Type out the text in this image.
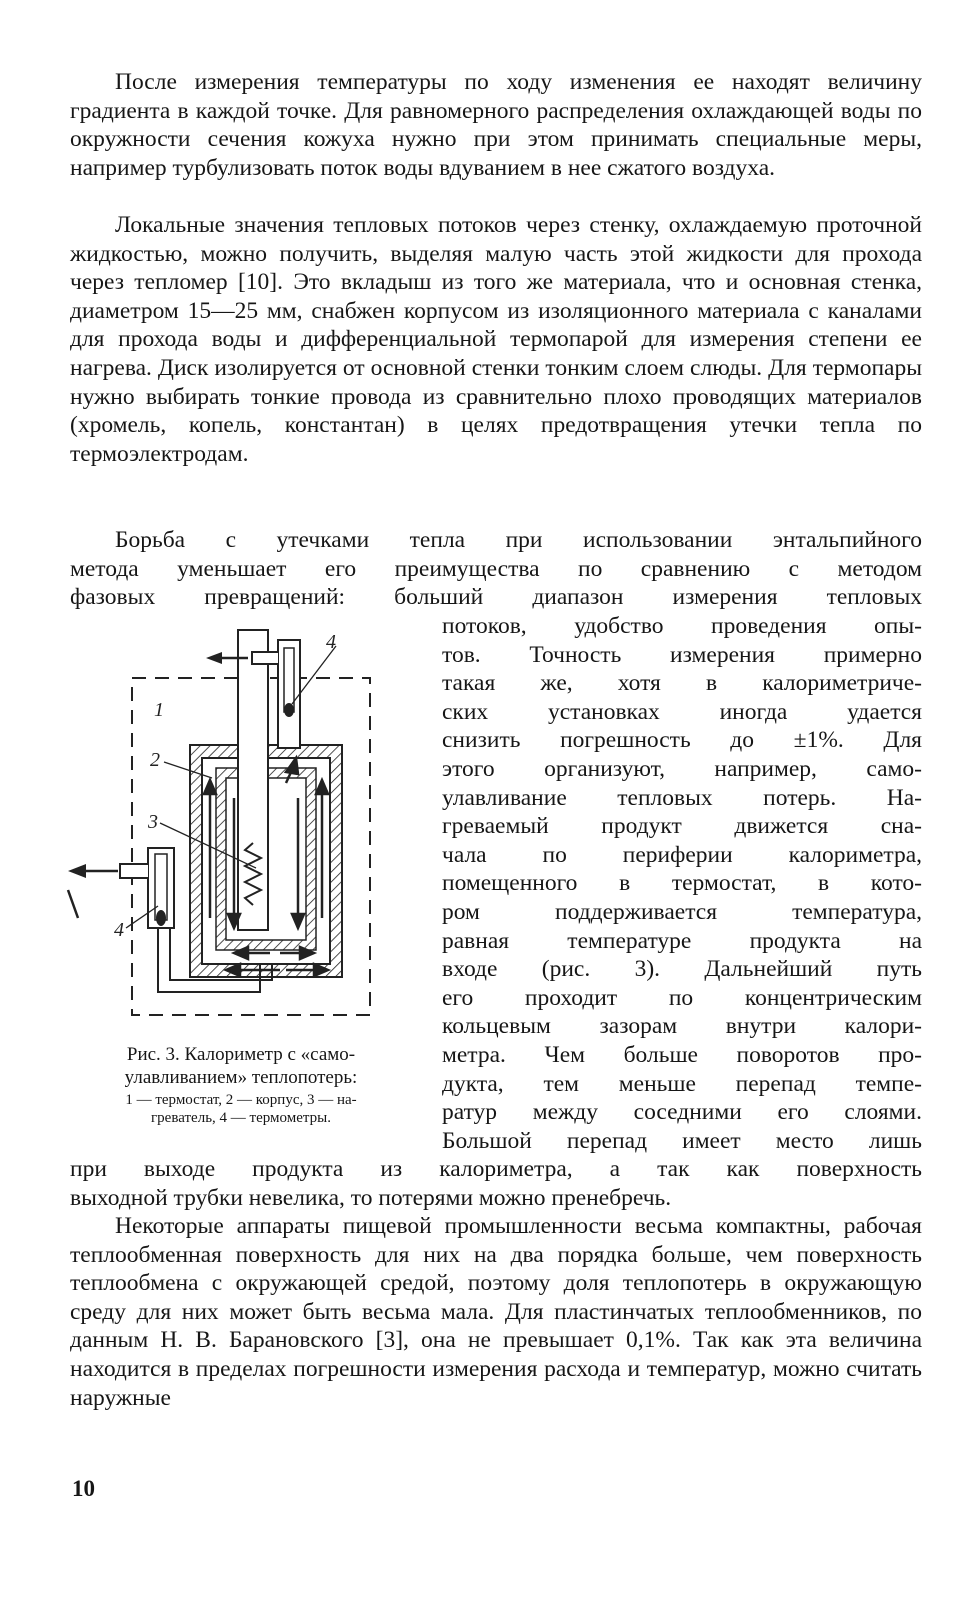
После измерения температуры по ходу изменения ее находят величину градиента в каждой точке. Для равномерного распределения охлаждающей воды по окружности сечения кожуха нужно при этом принимать специальные меры, например турбулизовать поток воды вдуванием в нее сжатого воздуха.
Локальные значения тепловых потоков через стенку, охлаждаемую проточной жидкостью, можно получить, выделяя малую часть этой жидкости для прохода через тепломер [10]. Это вкладыш из того же материала, что и основная стенка, диаметром 15—25 мм, снабжен корпусом из изоляционного материала с каналами для прохода воды и дифференциальной термопарой для измерения степени ее нагрева. Диск изолируется от основной стенки тонким слоем слюды. Для термопары нужно выбирать тонкие провода из сравнительно плохо проводящих материалов (хромель, копель, константан) в целях предотвращения утечки тепла по термоэлектродам.
Борьба с утечками тепла при использовании энтальпийного
метода уменьшает его преимущества по сравнению с методом
фазовых превращений: больший диапазон измерения тепловых
потоков, удобство проведения опы-
тов. Точность измерения примерно
такая же, хотя в калориметриче-
ских установках иногда удается
снизить погрешность до ±1%. Для
этого организуют, например, само-
улавливание тепловых потерь. На-
греваемый продукт движется сна-
чала по периферии калориметра,
помещенного в термостат, в кото-
ром поддерживается температура,
равная температуре продукта на
входе (рис. 3). Дальнейший путь
его проходит по концентрическим
кольцевым зазорам внутри калори-
метра. Чем больше поворотов про-
дукта, тем меньше перепад темпе-
ратур между соседними его слоями.
Большой перепад имеет место лишь
при выходе продукта из калориметра, а так как поверхность
выходной трубки невелика, то потерями можно пренебречь.
Некоторые аппараты пищевой промышленности весьма компактны, рабочая теплообменная поверхность для них на два порядка больше, чем поверхность теплообмена с окружающей средой, поэтому доля теплопотерь в окружающую среду для них может быть весьма мала. Для пластинчатых теплообменников, по данным Н. В. Барановского [3], она не превышает 0,1%. Так как эта величина находится в пределах погрешности измерения расхода и температур, можно считать наружные
1
2
3
4
4
Рис. 3. Калориметр с «само-
улавливанием» теплопотерь:
1 — термостат, 2 — корпус, 3 — на-
греватель, 4 — термометры.
10
